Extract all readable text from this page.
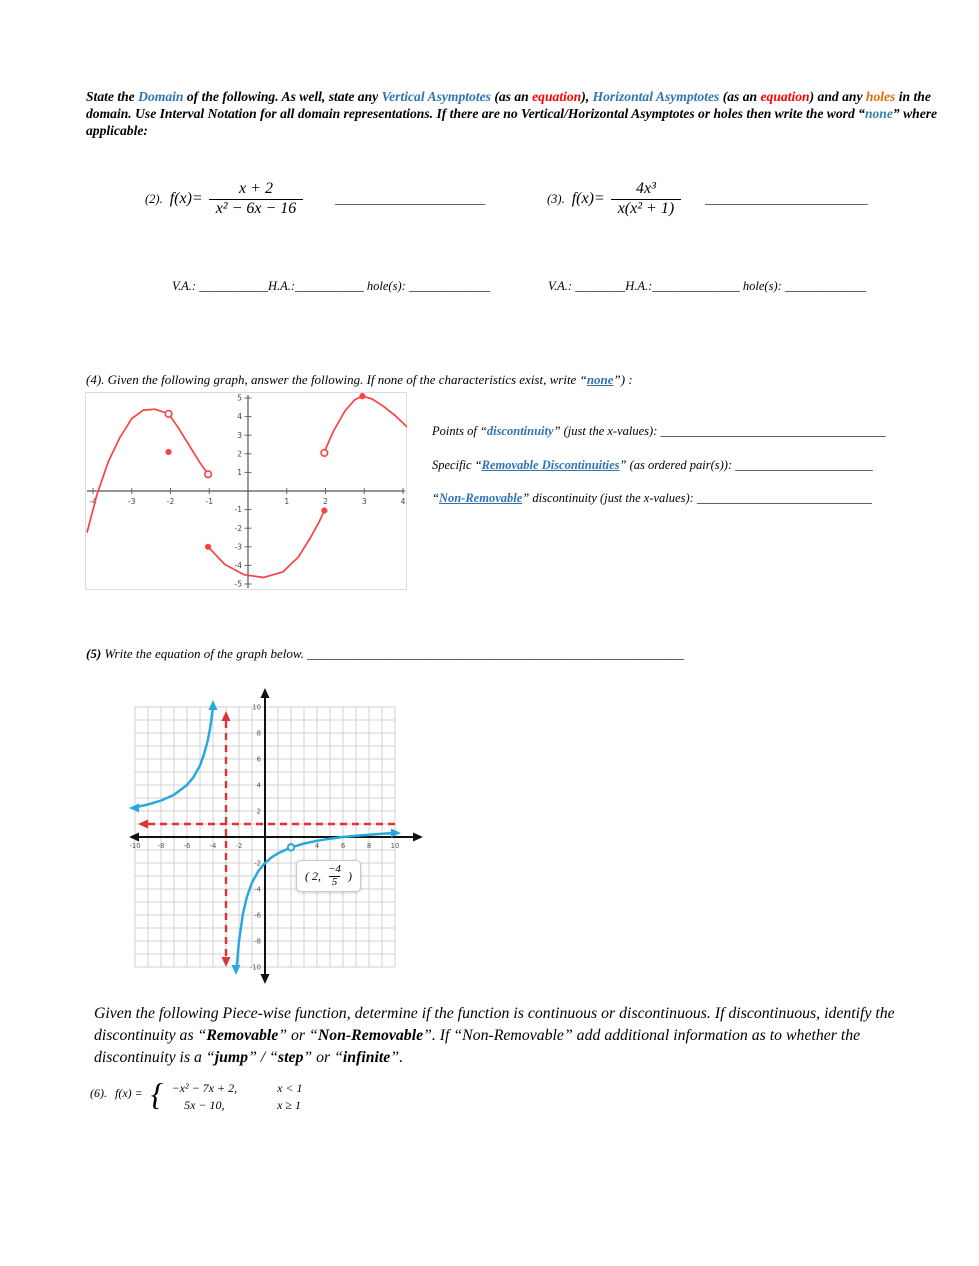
State the Domain of the following. As well, state any Vertical Asymptotes (as an equation), Horizontal Asymptotes (as an equation) and any holes in the domain. Use Interval Notation for all domain representations. If there are no Vertical/Horizontal Asymptotes or holes then write the word “none” where applicable:

(2). $f(x)= \frac{x + 2}{\text{x² − 6x − 16}}$	________________________	(3). $f(x)= \frac{\text{4x³}}{\text{x(x² + 1)}}$ __________________________
V.A.: ___________H.A.:___________ hole(s): _____________	V.A.: ________H.A.:______________ hole(s): _____________
(4). Given the following graph, answer the following. If none of the characteristics exist, write “none”) :
-4	-3	-2	-1	1	2	3	4
5
4
3
2
1
-1
-2
-3
-4
-5
Points of “discontinuity” (just the x-values): ____________________________________
Specific “Removable Discontinuities” (as ordered pair(s)): ______________________
“Non-Removable” discontinuity (just the x-values): ____________________________
(5) Write the equation of the graph below. __________________________________________________________
-10	-8	-6	-4	-2	4	6	8	10
10
8
6
4
2
-2
-4
-6
-8
-10
( 2, $\frac{-4}{5}$ )

Given the following Piece-wise function, determine if the function is continuous or discontinuous. If discontinuous, identify the discontinuity as “Removable” or “Non-Removable”. If “Non-Removable” add additional information as to whether the discontinuity is a “jump” / “step” or “infinite”.

(6). f(x) = { −x² − 7x + 2,	x < 1
5x − 10,	x ≥ 1
